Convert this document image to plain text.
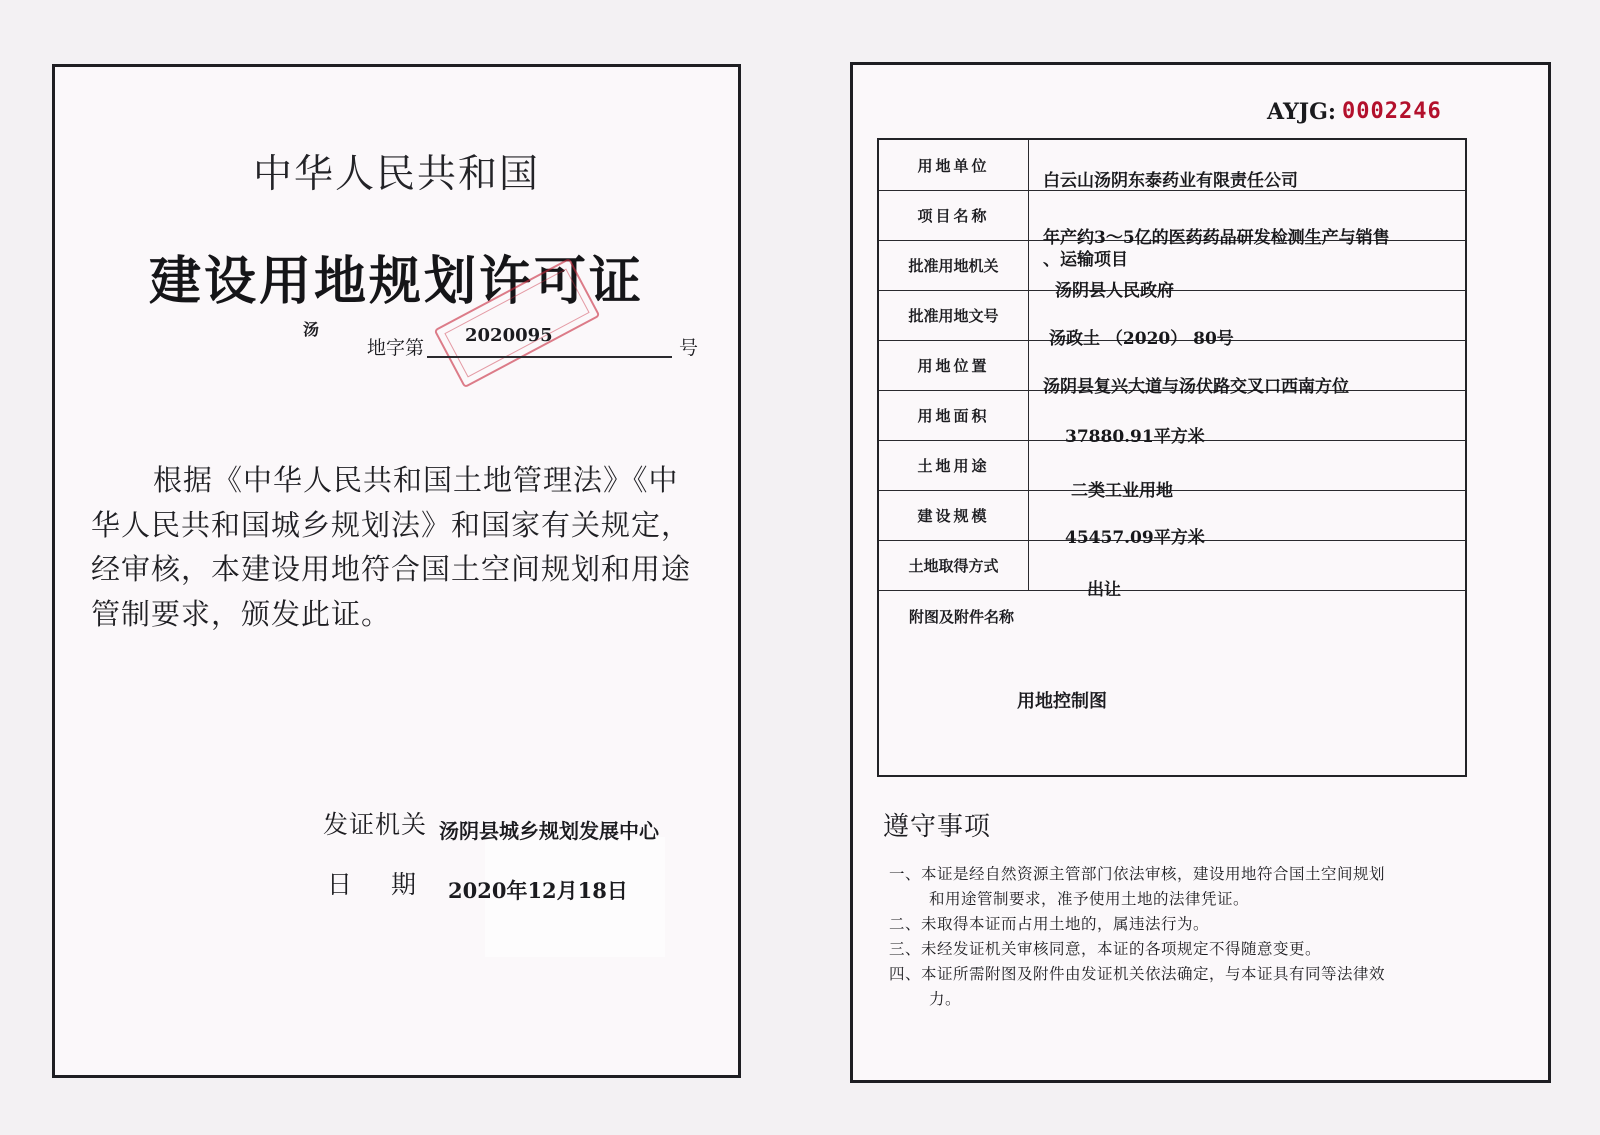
中华人民共和国
建设用地规划许可证
汤
地字第
2020095
号
根据《中华人民共和国土地管理法》《中华人民共和国城乡规划法》和国家有关规定，经审核，本建设用地符合国土空间规划和用途管制要求，颁发此证。
发证机关 汤阴县城乡规划发展中心
日 期 2020年12月18日
AYJG: 0002246
用地单位
白云山汤阴东泰药业有限责任公司
项目名称
年产约3～5亿的医药药品研发检测生产与销售
、运输项目
批准用地机关
汤阴县人民政府
批准用地文号
汤政土 （2020） 80号
用地位置
汤阴县复兴大道与汤伏路交叉口西南方位
用地面积
37880.91平方米
土地用途
二类工业用地
建设规模
45457.09平方米
土地取得方式
出让
附图及附件名称
用地控制图
遵守事项
一、本证是经自然资源主管部门依法审核，建设用地符合国土空间规划
和用途管制要求，准予使用土地的法律凭证。
二、未取得本证而占用土地的，属违法行为。
三、未经发证机关审核同意，本证的各项规定不得随意变更。
四、本证所需附图及附件由发证机关依法确定，与本证具有同等法律效
力。
